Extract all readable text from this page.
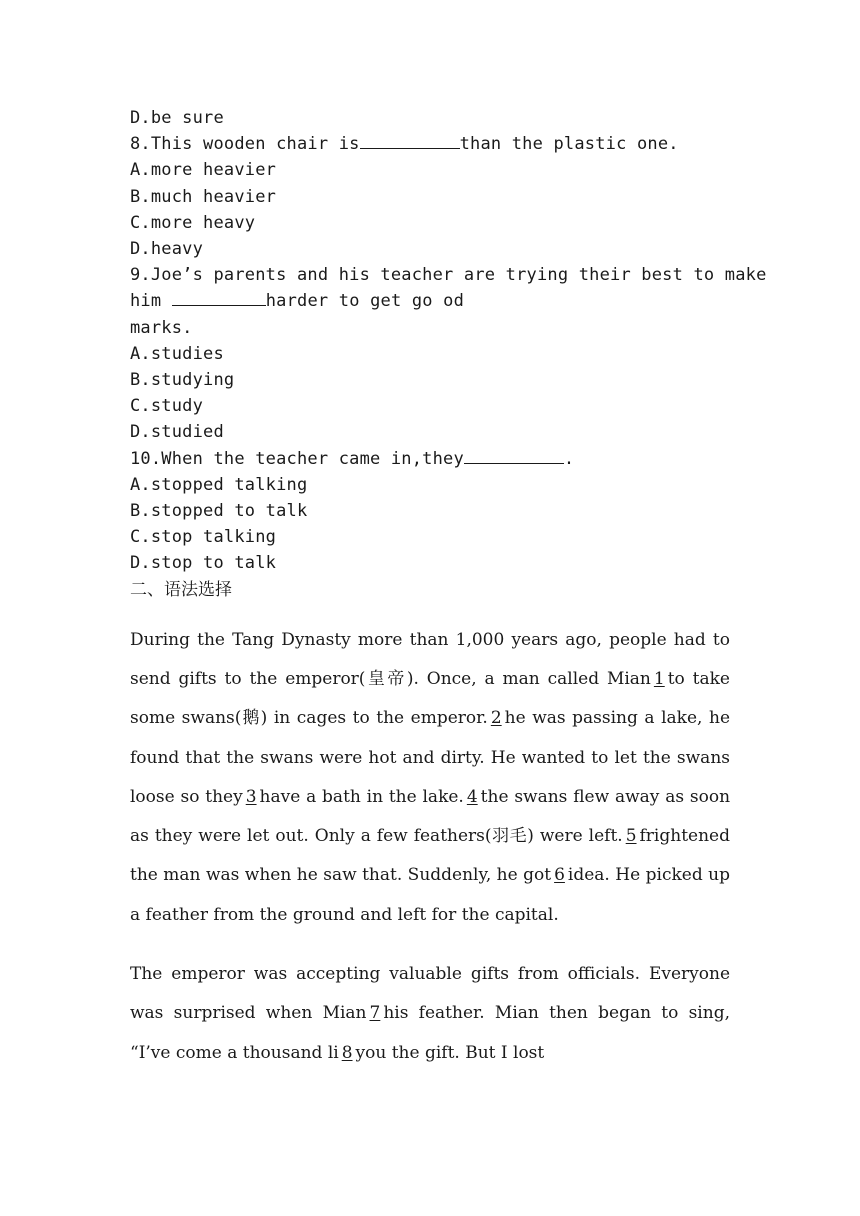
D.be sure
8.This wooden chair is	than the plastic one.
A.more heavier
B.much heavier
C.more heavy
D.heavy
9.Joe’s parents and his teacher are trying their best to make
him	harder to get go od
marks.
A.studies
B.studying
C.study
D.studied
10.When the teacher came in,they	.
A.stopped talking
B.stopped to talk
C.stop talking
D.stop to talk
二、语法选择

During the Tang Dynasty more than 1,000 years ago, people had to send gifts to the emperor(皇帝). Once, a man called Mian 1 to take some swans(鹅) in cages to the emperor. 2 he was passing a lake, he found that the swans were hot and dirty. He wanted to let the swans loose so they 3 have a bath in the lake. 4 the swans flew away as soon as they were let out. Only a few feathers(羽毛) were left. 5 frightened the man was when he saw that. Suddenly, he got 6 idea. He picked up a feather from the ground and left for the capital.

The emperor was accepting valuable gifts from officials. Everyone was surprised when Mian 7 his feather. Mian then began to sing, “I’ve come a thousand li 8 you the gift. But I lost
